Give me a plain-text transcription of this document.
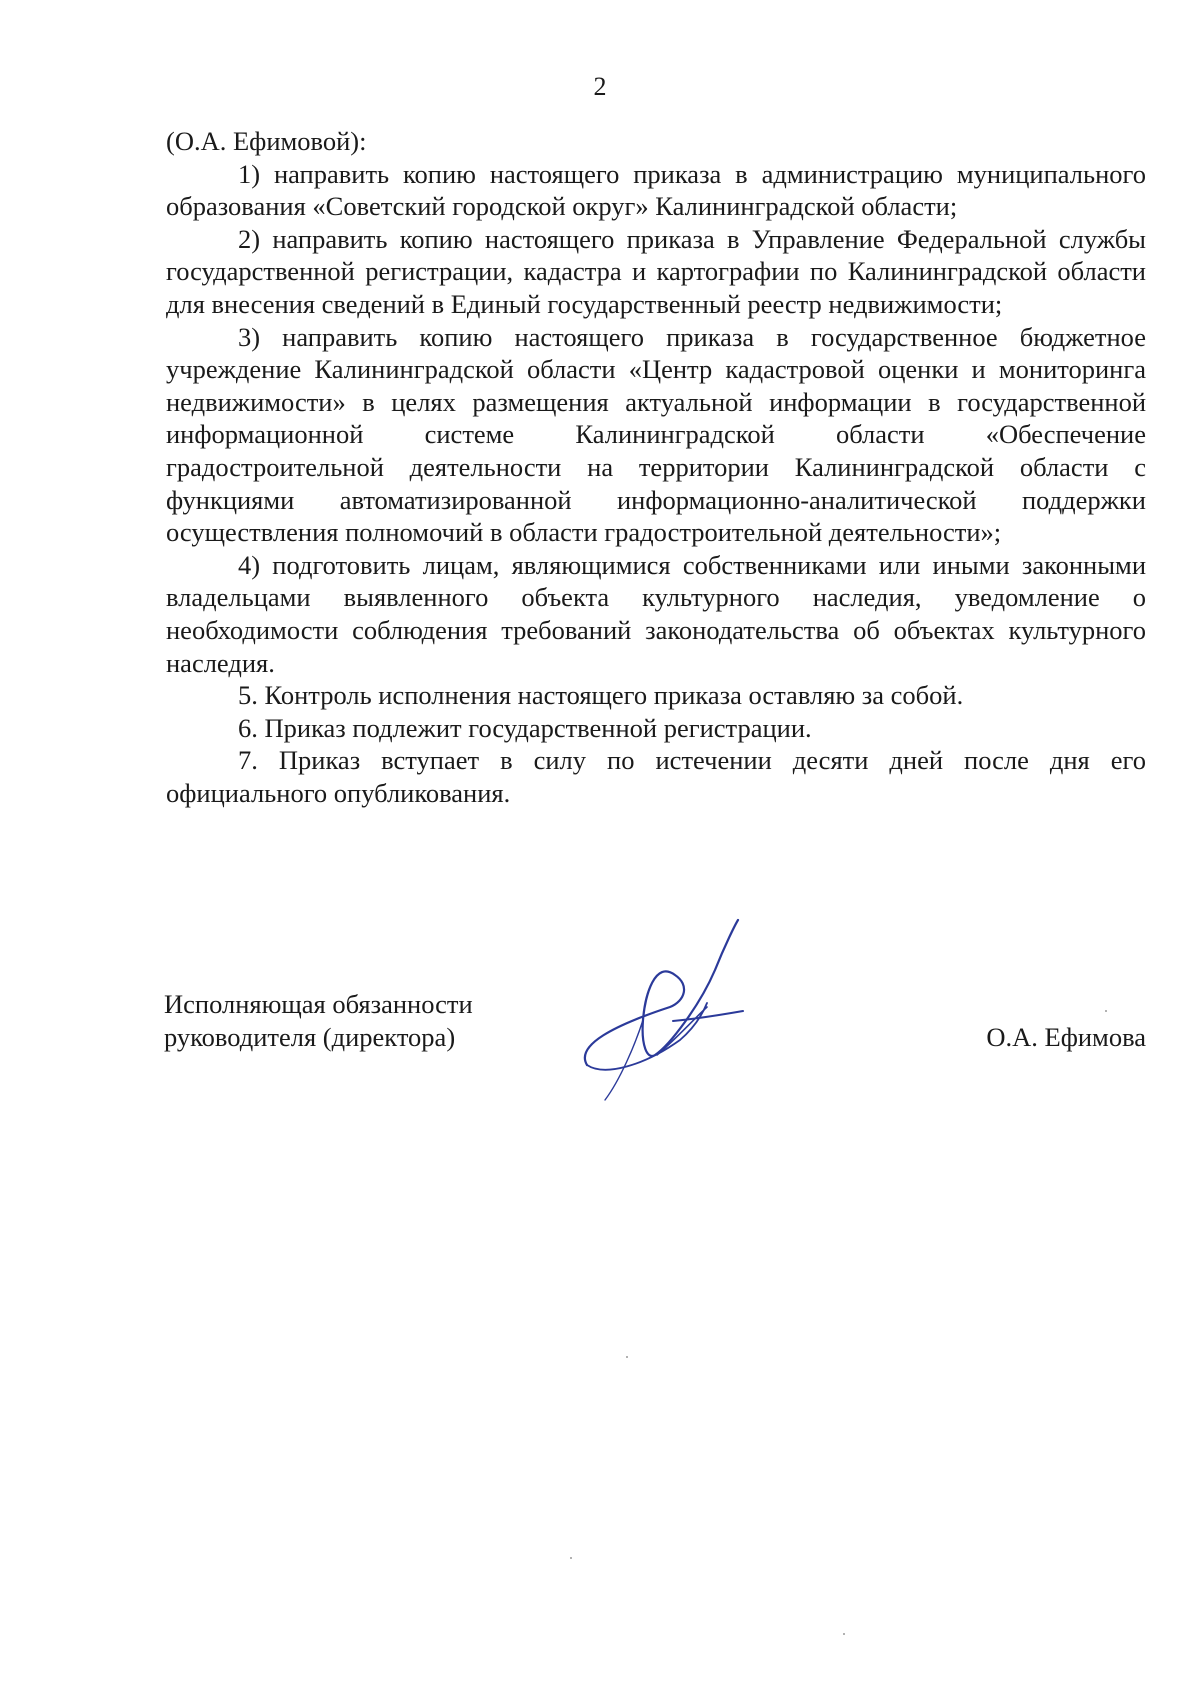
2

(О.А. Ефимовой):

1) направить копию настоящего приказа в администрацию муниципального образования «Советский городской округ» Калининградской области;

2) направить копию настоящего приказа в Управление Федеральной службы государственной регистрации, кадастра и картографии по Калининградской области для внесения сведений в Единый государственный реестр недвижимости;

3) направить копию настоящего приказа в государственное бюджетное учреждение Калининградской области «Центр кадастровой оценки и мониторинга недвижимости» в целях размещения актуальной информации в государственной информационной системе Калининградской области «Обеспечение градостроительной деятельности на территории Калининградской области с функциями автоматизированной информационно-аналитической поддержки осуществления полномочий в области градостроительной деятельности»;

4) подготовить лицам, являющимися собственниками или иными законными владельцами выявленного объекта культурного наследия, уведомление о необходимости соблюдения требований законодательства об объектах культурного наследия.

5. Контроль исполнения настоящего приказа оставляю за собой.

6. Приказ подлежит государственной регистрации.

7. Приказ вступает в силу по истечении десяти дней после дня его официального опубликования.

Исполняющая обязанности
руководителя (директора)	О.А. Ефимова
